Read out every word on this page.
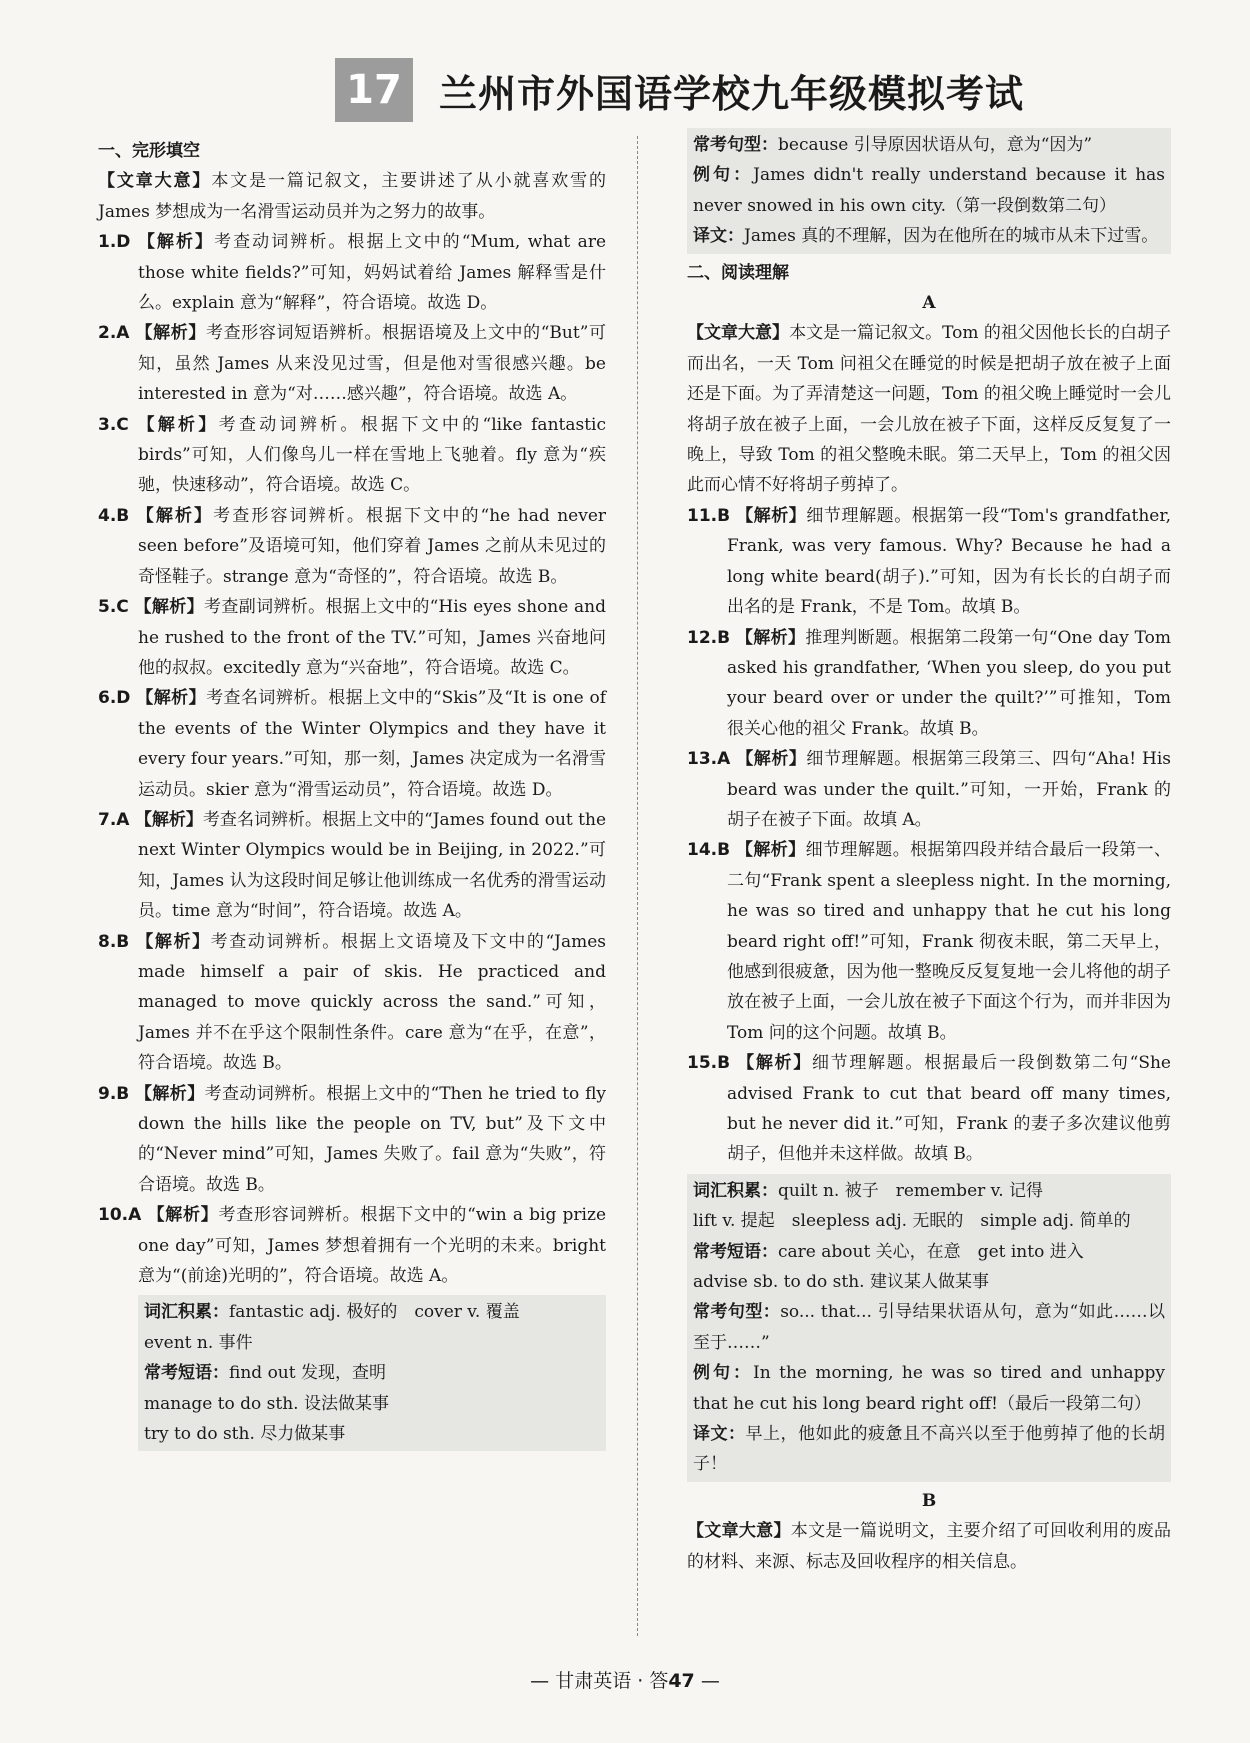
17 兰州市外国语学校九年级模拟考试
一、完形填空
【文章大意】本文是一篇记叙文，主要讲述了从小就喜欢雪的 James 梦想成为一名滑雪运动员并为之努力的故事。
1.D 【解析】考查动词辨析。根据上文中的“Mum, what are those white fields?”可知，妈妈试着给 James 解释雪是什么。explain 意为“解释”，符合语境。故选 D。
2.A 【解析】考查形容词短语辨析。根据语境及上文中的“But”可知，虽然 James 从来没见过雪，但是他对雪很感兴趣。be interested in 意为“对……感兴趣”，符合语境。故选 A。
3.C 【解析】考查动词辨析。根据下文中的“like fantastic birds”可知，人们像鸟儿一样在雪地上飞驰着。fly 意为“疾驰，快速移动”，符合语境。故选 C。
4.B 【解析】考查形容词辨析。根据下文中的“he had never seen before”及语境可知，他们穿着 James 之前从未见过的奇怪鞋子。strange 意为“奇怪的”，符合语境。故选 B。
5.C 【解析】考查副词辨析。根据上文中的“His eyes shone and he rushed to the front of the TV.”可知，James 兴奋地问他的叔叔。excitedly 意为“兴奋地”，符合语境。故选 C。
6.D 【解析】考查名词辨析。根据上文中的“Skis”及“It is one of the events of the Winter Olympics and they have it every four years.”可知，那一刻，James 决定成为一名滑雪运动员。skier 意为“滑雪运动员”，符合语境。故选 D。
7.A 【解析】考查名词辨析。根据上文中的“James found out the next Winter Olympics would be in Beijing, in 2022.”可知，James 认为这段时间足够让他训练成一名优秀的滑雪运动员。time 意为“时间”，符合语境。故选 A。
8.B 【解析】考查动词辨析。根据上文语境及下文中的“James made himself a pair of skis. He practiced and managed to move quickly across the sand.”可知，James 并不在乎这个限制性条件。care 意为“在乎，在意”，符合语境。故选 B。
9.B 【解析】考查动词辨析。根据上文中的“Then he tried to fly down the hills like the people on TV, but”及下文中的“Never mind”可知，James 失败了。fail 意为“失败”，符合语境。故选 B。
10.A 【解析】考查形容词辨析。根据下文中的“win a big prize one day”可知，James 梦想着拥有一个光明的未来。bright 意为“(前途)光明的”，符合语境。故选 A。
词汇积累：fantastic adj. 极好的　cover v. 覆盖
event n. 事件
常考短语：find out 发现，查明
manage to do sth. 设法做某事
try to do sth. 尽力做某事
常考句型：because 引导原因状语从句，意为“因为”
例句：James didn't really understand because it has never snowed in his own city.（第一段倒数第二句）
译文：James 真的不理解，因为在他所在的城市从未下过雪。
二、阅读理解
A
【文章大意】本文是一篇记叙文。Tom 的祖父因他长长的白胡子而出名，一天 Tom 问祖父在睡觉的时候是把胡子放在被子上面还是下面。为了弄清楚这一问题，Tom 的祖父晚上睡觉时一会儿将胡子放在被子上面，一会儿放在被子下面，这样反反复复了一晚上，导致 Tom 的祖父整晚未眠。第二天早上，Tom 的祖父因此而心情不好将胡子剪掉了。
11.B 【解析】细节理解题。根据第一段“Tom's grandfather, Frank, was very famous. Why? Because he had a long white beard(胡子).”可知，因为有长长的白胡子而出名的是 Frank，不是 Tom。故填 B。
12.B 【解析】推理判断题。根据第二段第一句“One day Tom asked his grandfather, ‘When you sleep, do you put your beard over or under the quilt?’”可推知，Tom 很关心他的祖父 Frank。故填 B。
13.A 【解析】细节理解题。根据第三段第三、四句“Aha! His beard was under the quilt.”可知，一开始，Frank 的胡子在被子下面。故填 A。
14.B 【解析】细节理解题。根据第四段并结合最后一段第一、二句“Frank spent a sleepless night. In the morning, he was so tired and unhappy that he cut his long beard right off!”可知，Frank 彻夜未眠，第二天早上，他感到很疲惫，因为他一整晚反反复复地一会儿将他的胡子放在被子上面，一会儿放在被子下面这个行为，而并非因为 Tom 问的这个问题。故填 B。
15.B 【解析】细节理解题。根据最后一段倒数第二句“She advised Frank to cut that beard off many times, but he never did it.”可知，Frank 的妻子多次建议他剪胡子，但他并未这样做。故填 B。
词汇积累：quilt n. 被子　remember v. 记得
lift v. 提起　sleepless adj. 无眠的　simple adj. 简单的
常考短语：care about 关心，在意　get into 进入
advise sb. to do sth. 建议某人做某事
常考句型：so... that... 引导结果状语从句，意为“如此……以至于……”
例句：In the morning, he was so tired and unhappy that he cut his long beard right off!（最后一段第二句）
译文：早上，他如此的疲惫且不高兴以至于他剪掉了他的长胡子！
B
【文章大意】本文是一篇说明文，主要介绍了可回收利用的废品的材料、来源、标志及回收程序的相关信息。
— 甘肃英语 · 答47 —
